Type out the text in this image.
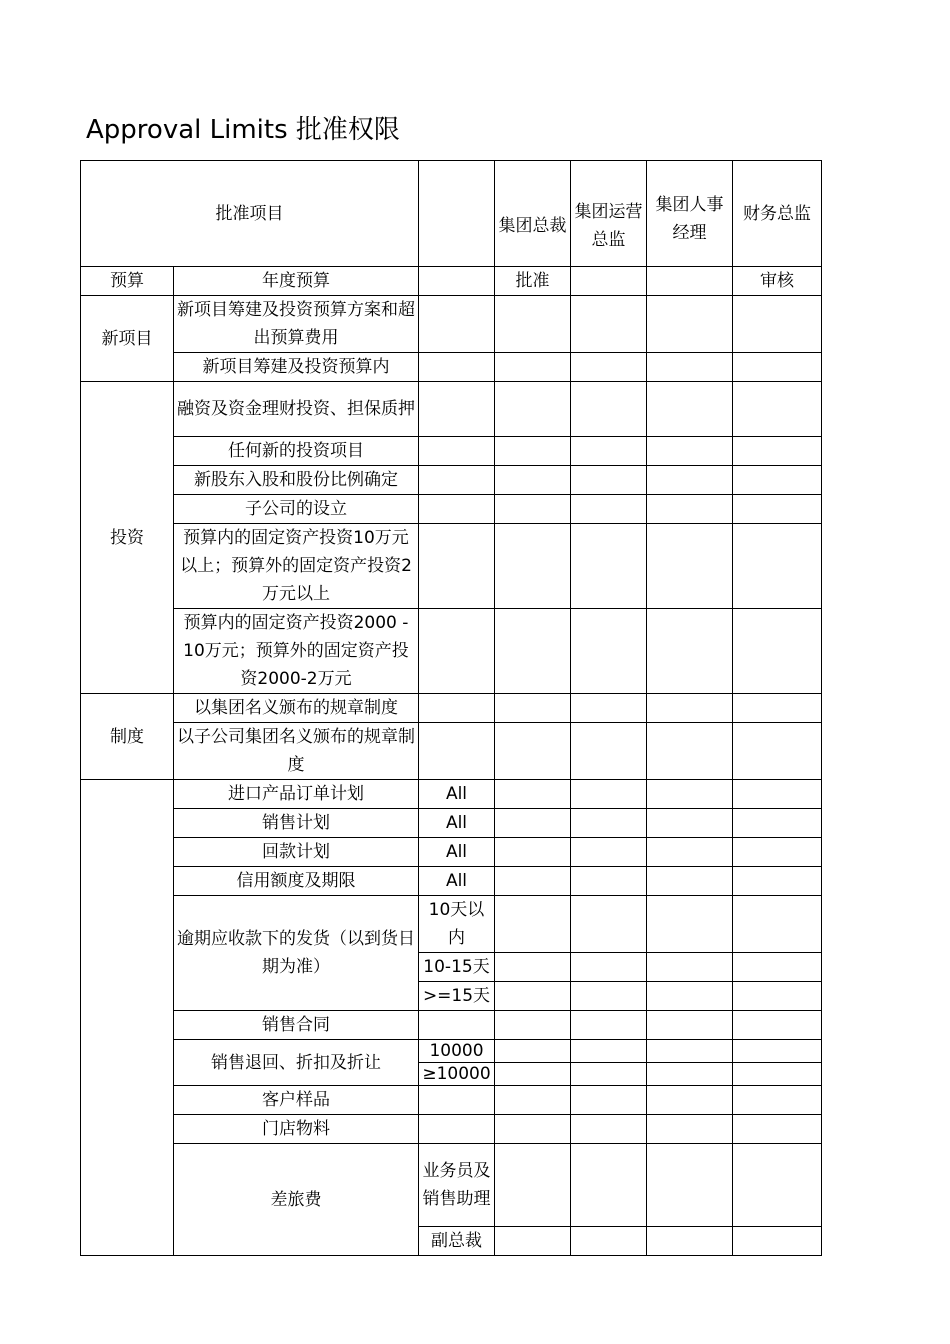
Approval Limits 批准权限
批准项目			集团总裁	集团运营总监	集团人事经理	财务总监
预算	年度预算		批准			审核
新项目	新项目筹建及投资预算方案和超出预算费用					
	新项目筹建及投资预算内					
投资	融资及资金理财投资、担保质押					
	任何新的投资项目					
	新股东入股和股份比例确定					
	子公司的设立					
	预算内的固定资产投资10万元以上；预算外的固定资产投资2万元以上					
	预算内的固定资产投资2000 - 10万元；预算外的固定资产投资2000-2万元					
制度	以集团名义颁布的规章制度					
	以子公司集团名义颁布的规章制度					
	进口产品订单计划	All				
	销售计划	All				
	回款计划	All				
	信用额度及期限	All				
	逾期应收款下的发货（以到货日期为准）	10天以内				
		10-15天				
		>=15天				
	销售合同					
	销售退回、折扣及折让	10000				
		≥10000				
	客户样品					
	门店物料					
	差旅费	业务员及销售助理				
		副总裁				
